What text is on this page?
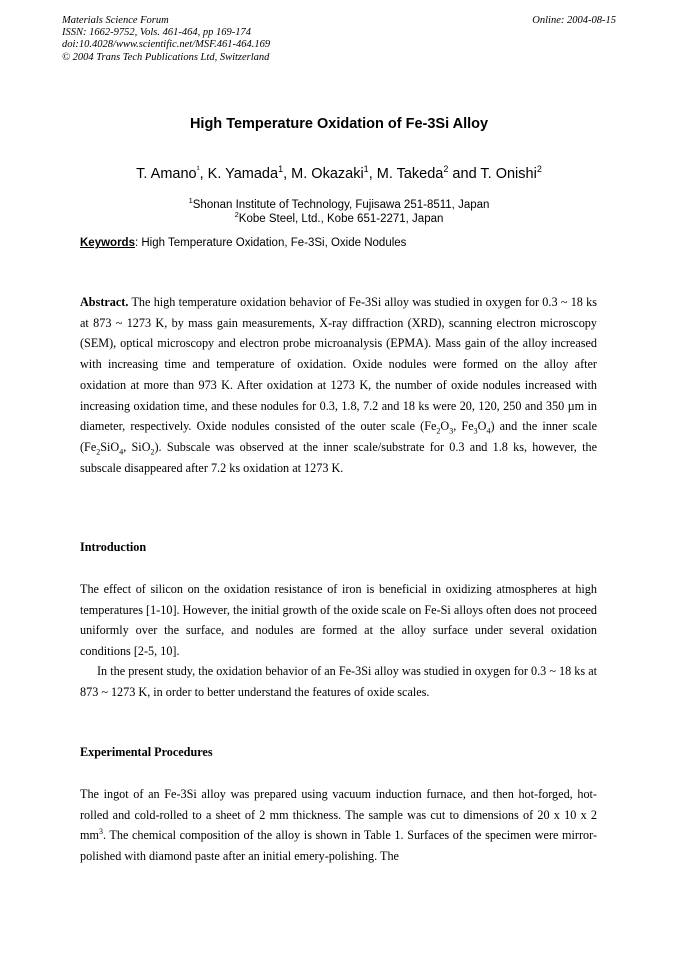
Materials Science Forum
ISSN: 1662-9752, Vols. 461-464, pp 169-174
doi:10.4028/www.scientific.net/MSF.461-464.169
© 2004 Trans Tech Publications Ltd, Switzerland
Online: 2004-08-15
High Temperature Oxidation of Fe-3Si Alloy
T. Amano$^{^1}$, K. Yamada$^1$, M. Okazaki$^1$, M. Takeda$^2$ and T. Onishi$^2$
$^1$Shonan Institute of Technology, Fujisawa 251-8511, Japan
$^2$Kobe Steel, Ltd., Kobe 651-2271, Japan
Keywords: High Temperature Oxidation, Fe-3Si, Oxide Nodules
Abstract. The high temperature oxidation behavior of Fe-3Si alloy was studied in oxygen for 0.3 ~ 18 ks at 873 ~ 1273 K, by mass gain measurements, X-ray diffraction (XRD), scanning electron microscopy (SEM), optical microscopy and electron probe microanalysis (EPMA). Mass gain of the alloy increased with increasing time and temperature of oxidation. Oxide nodules were formed on the alloy after oxidation at more than 973 K. After oxidation at 1273 K, the number of oxide nodules increased with increasing oxidation time, and these nodules for 0.3, 1.8, 7.2 and 18 ks were 20, 120, 250 and 350 µm in diameter, respectively. Oxide nodules consisted of the outer scale ($Fe_2O_3$, $Fe_3O_4$) and the inner scale ($Fe_2SiO_4$, SiO$_2$). Subscale was observed at the inner scale/substrate for 0.3 and 1.8 ks, however, the subscale disappeared after 7.2 ks oxidation at 1273 K.
Introduction
The effect of silicon on the oxidation resistance of iron is beneficial in oxidizing atmospheres at high temperatures [1-10]. However, the initial growth of the oxide scale on Fe-Si alloys often does not proceed uniformly over the surface, and nodules are formed at the alloy surface under several oxidation conditions [2-5, 10].
In the present study, the oxidation behavior of an Fe-3Si alloy was studied in oxygen for 0.3 ~ 18 ks at 873 ~ 1273 K, in order to better understand the features of oxide scales.
Experimental Procedures
The ingot of an Fe-3Si alloy was prepared using vacuum induction furnace, and then hot-forged, hot-rolled and cold-rolled to a sheet of 2 mm thickness. The sample was cut to dimensions of 20 x 10 x 2 $mm^3$. The chemical composition of the alloy is shown in Table 1. Surfaces of the specimen were mirror-polished with diamond paste after an initial emery-polishing. The
